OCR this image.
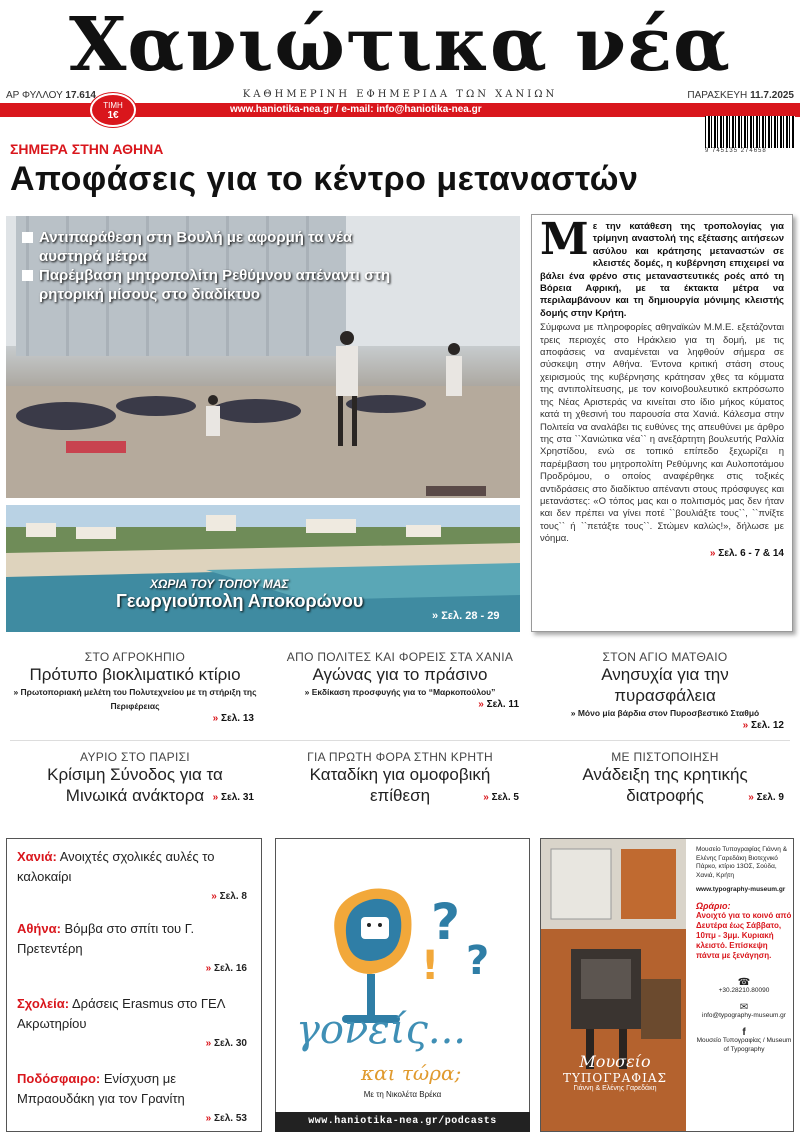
Χανιώτικα νέα
ΑΡ ΦΥΛΛΟΥ 17.614	ΚΑΘΗΜΕΡΙΝΗ ΕΦΗΜΕΡΙΔΑ ΤΩΝ ΧΑΝΙΩΝ	ΠΑΡΑΣΚΕΥΗ 11.7.2025
ΤΙΜΗ
1€
www.haniotika-nea.gr / e-mail: info@haniotika-nea.gr
9 745135 274658
ΣΗΜΕΡΑ ΣΤΗΝ ΑΘΗΝΑ
Αποφάσεις για το κέντρο μεταναστών
Αντιπαράθεση στη Βουλή με αφορμή τα νέα αυστηρά μέτρα
Παρέμβαση μητροπολίτη Ρεθύμνου απέναντι στη ρητορική μίσους στο διαδίκτυο
ΧΩΡΙΑ ΤΟΥ ΤΟΠΟΥ ΜΑΣ
Γεωργιούπολη Αποκορώνου
» Σελ. 28 - 29
Μ ε την κατάθεση της τροπολογίας για τρίμηνη αναστολή της εξέτασης αιτήσεων ασύλου και κράτησης μεταναστών σε κλειστές δομές, η κυβέρνηση επιχειρεί να βάλει ένα φρένο στις μεταναστευτικές ροές από τη Βόρεια Αφρική, με τα έκτακτα μέτρα να περιλαμβάνουν και τη δημιουργία μόνιμης κλειστής δομής στην Κρήτη.
Σύμφωνα με πληροφορίες αθηναϊκών Μ.Μ.Ε. εξετάζονται τρεις περιοχές στο Ηράκλειο για τη δομή, με τις αποφάσεις να αναμένεται να ληφθούν σήμερα σε σύσκεψη στην Αθήνα. Έντονα κριτική στάση στους χειρισμούς της κυβέρνησης κράτησαν χθες τα κόμματα της αντιπολίτευσης, με τον κοινοβουλευτικό εκπρόσωπο της Νέας Αριστεράς να κινείται στο ίδιο μήκος κύματος κατά τη χθεσινή του παρουσία στα Χανιά. Κάλεσμα στην Πολιτεία να αναλάβει τις ευθύνες της απευθύνει με άρθρο της στα ``Χανιώτικα νέα`` η ανεξάρτητη βουλευτής Ραλλία Χρηστίδου, ενώ σε τοπικό επίπεδο ξεχωρίζει η παρέμβαση του μητροπολίτη Ρεθύμνης και Αυλοποτάμου Προδρόμου, ο οποίος αναφέρθηκε στις τοξικές αντιδράσεις στο διαδίκτυο απέναντι στους πρόσφυγες και μετανάστες: «Ο τόπος μας και ο πολιτισμός μας δεν ήταν και δεν πρέπει να γίνει ποτέ ``βουλιάξτε τους``, ``πνίξτε τους`` ή ``πετάξτε τους``. Στώμεν καλώς!», δήλωσε με νόημα.
» Σελ. 6 - 7 & 14
ΣΤΟ ΑΓΡΟΚΗΠΙΟ
Πρότυπο βιοκλιματικό κτίριο
» Πρωτοποριακή μελέτη του Πολυτεχνείου με τη στήριξη της Περιφέρειας
» Σελ. 13
ΑΠΟ ΠΟΛΙΤΕΣ ΚΑΙ ΦΟΡΕΙΣ ΣΤΑ ΧΑΝΙΑ
Αγώνας για το πράσινο
» Εκδίκαση προσφυγής για το “Μαρκοπούλου”
» Σελ. 11
ΣΤΟΝ ΑΓΙΟ ΜΑΤΘΑΙΟ
Ανησυχία για την πυρασφάλεια
» Μόνο μία βάρδια στον Πυροσβεστικό Σταθμό
» Σελ. 12
ΑΥΡΙΟ ΣΤΟ ΠΑΡΙΣΙ
Κρίσιμη Σύνοδος για τα Μινωικά ανάκτορα » Σελ. 31
ΓΙΑ ΠΡΩΤΗ ΦΟΡΑ ΣΤΗΝ ΚΡΗΤΗ
Καταδίκη για ομοφοβική επίθεση	» Σελ. 5
ΜΕ ΠΙΣΤΟΠΟΙΗΣΗ
Ανάδειξη της κρητικής διατροφής	» Σελ. 9
Χανιά: Ανοιχτές σχολικές αυλές το καλοκαίρι
» Σελ. 8
Αθήνα: Βόμβα στο σπίτι του Γ. Πρετεντέρη
» Σελ. 16
Σχολεία: Δράσεις Erasmus στο ΓΕΛ Ακρωτηρίου
» Σελ. 30
Ποδόσφαιρο: Ενίσχυση με Μπραουδάκη για τον Γρανίτη
» Σελ. 53
?
?
!
γονείς...
και τώρα;
Με τη Νικολέτα Βρέκα
www.haniotika-nea.gr/podcasts
Μουσείο
ΤΥΠΟΓΡΑΦΙΑΣ
Γιάννη & Ελένης Γαρεδάκη
Μουσείο Τυπογραφίας Γιάννη & Ελένης Γαρεδάκη Βιοτεχνικό Πάρκο, κτίριο 13ΟΣ, Σούδα, Χανιά, Κρήτη
www.typography-museum.gr
Ωράριο:
Ανοιχτό για το κοινό από Δευτέρα έως Σάββατο, 10πμ - 3μμ. Κυριακή κλειστό. Επίσκεψη πάντα με ξενάγηση.
☎
+30.28210.80090
✉
info@typography-museum.gr
f
Μουσείο Τυπογραφίας / Museum of Typography
